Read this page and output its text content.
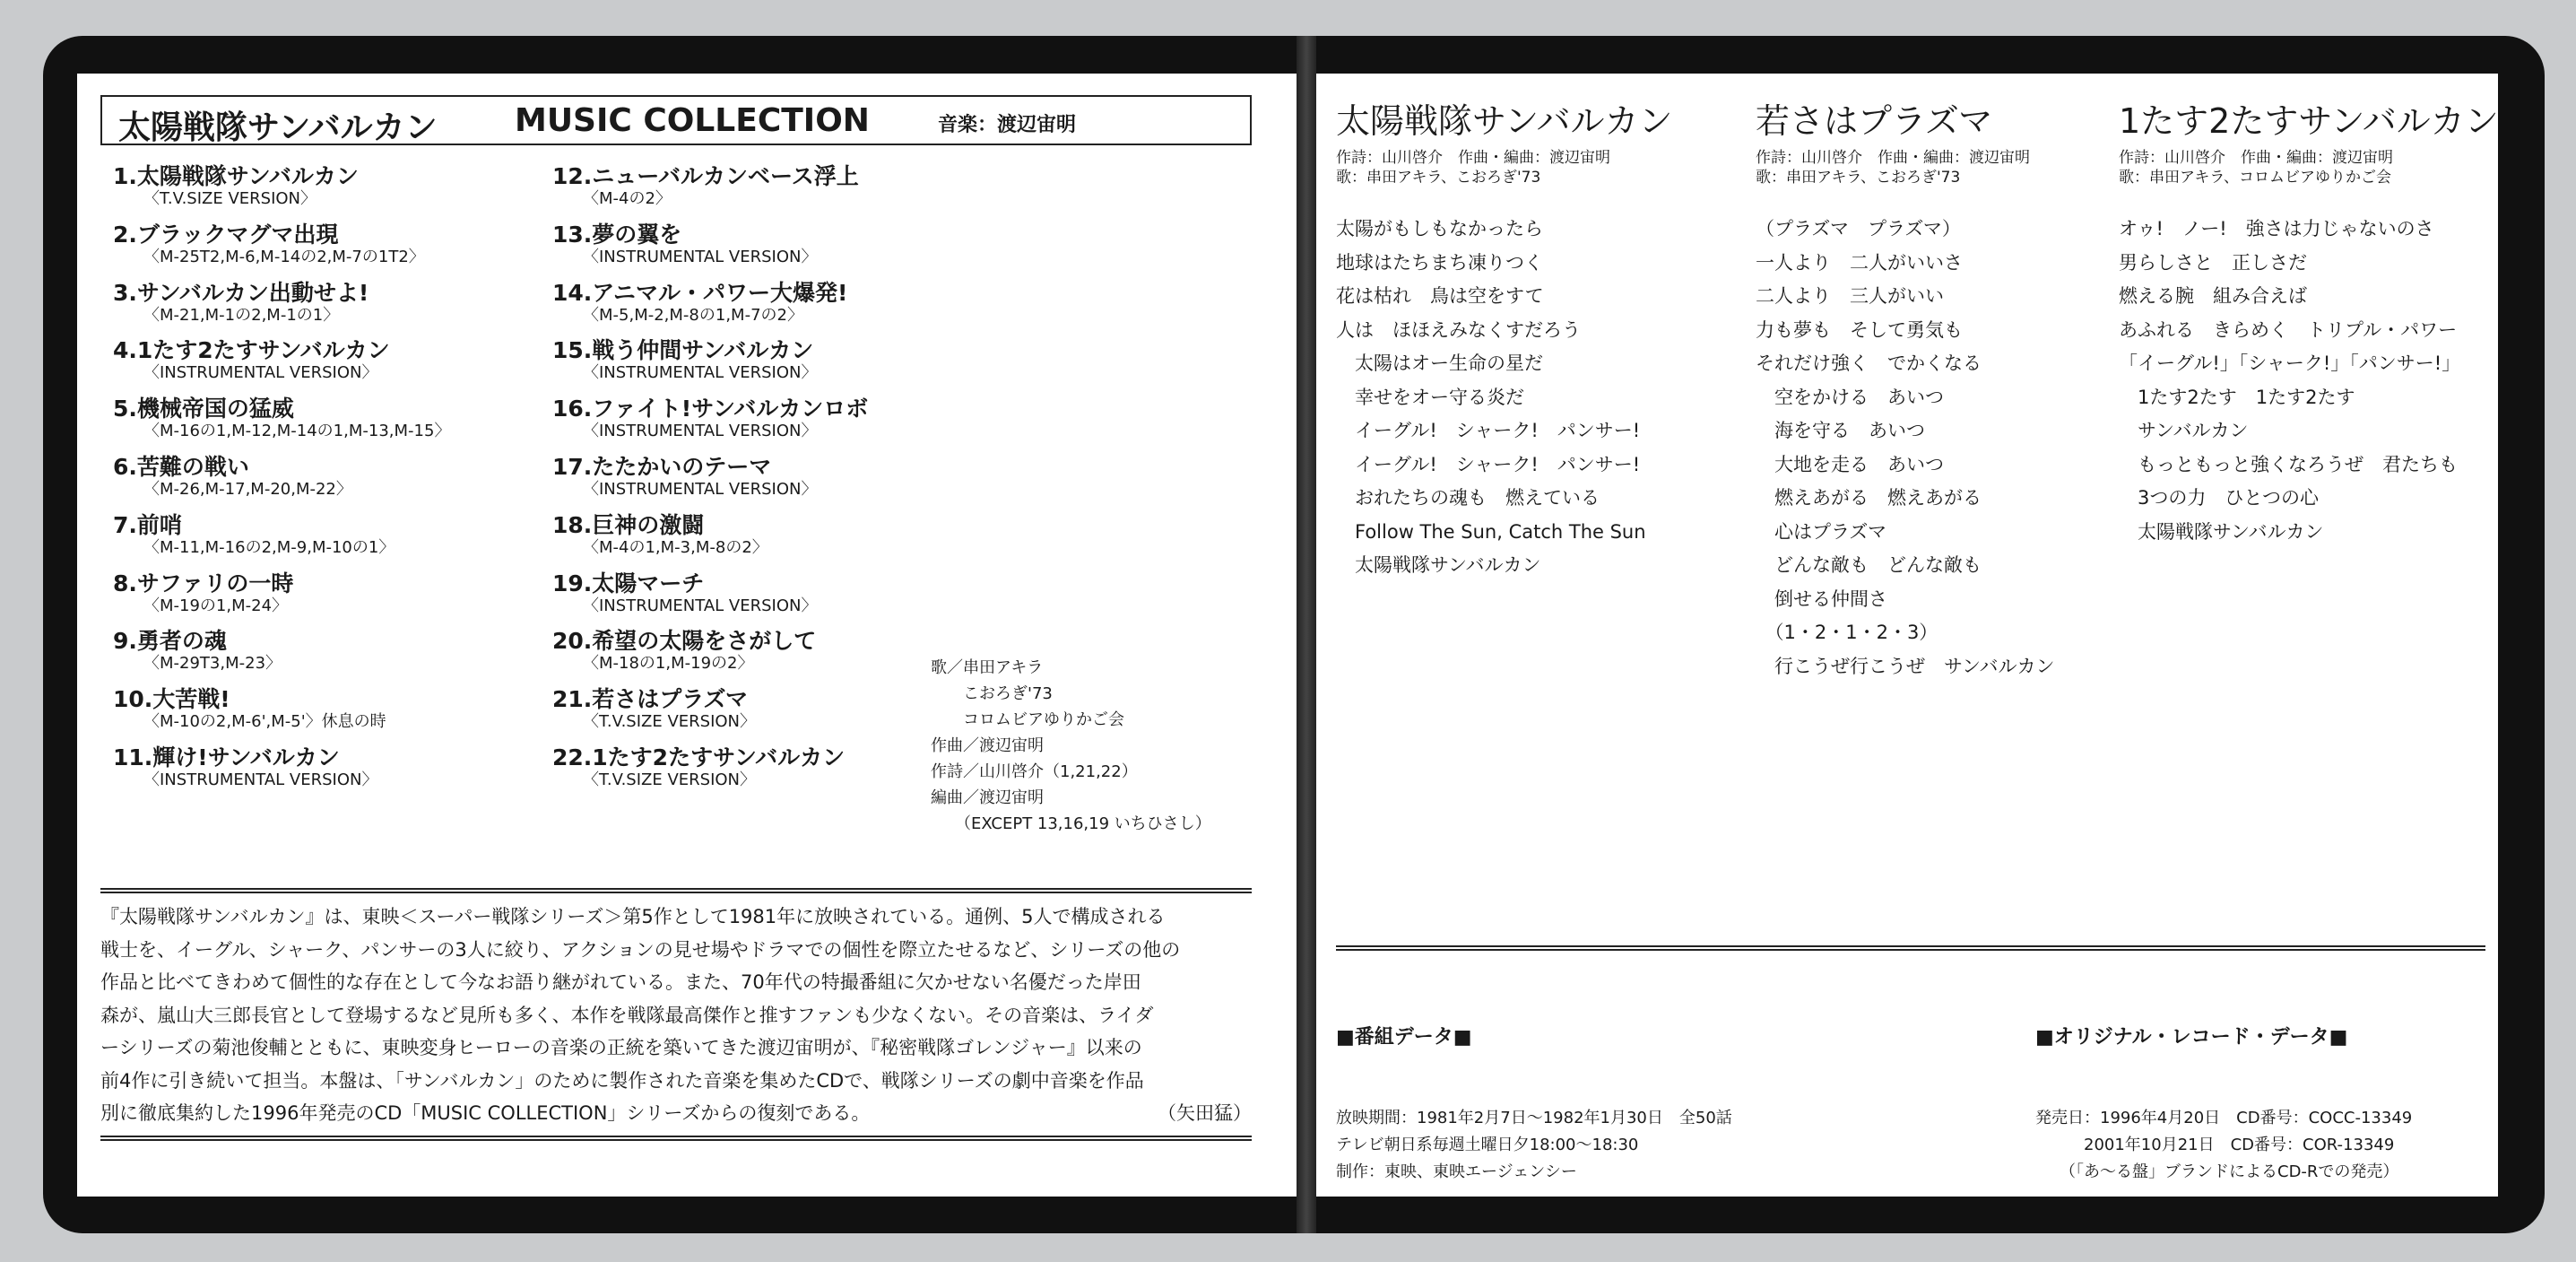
太陽戦隊サンバルカン MUSIC COLLECTION	音楽：渡辺宙明
1.太陽戦隊サンバルカン
〈T.V.SIZE VERSION〉
2.ブラックマグマ出現
〈M-25T2,M-6,M-14の2,M-7の1T2〉
3.サンバルカン出動せよ!
〈M-21,M-1の2,M-1の1〉
4.1たす2たすサンバルカン
〈INSTRUMENTAL VERSION〉
5.機械帝国の猛威
〈M-16の1,M-12,M-14の1,M-13,M-15〉
6.苦難の戦い
〈M-26,M-17,M-20,M-22〉
7.前哨
〈M-11,M-16の2,M-9,M-10の1〉
8.サファリの一時
〈M-19の1,M-24〉
9.勇者の魂
〈M-29T3,M-23〉
10.大苦戦!
〈M-10の2,M-6',M-5'〉休息の時
11.輝け!サンバルカン
〈INSTRUMENTAL VERSION〉
12.ニューバルカンベース浮上
〈M-4の2〉
13.夢の翼を
〈INSTRUMENTAL VERSION〉
14.アニマル・パワー大爆発!
〈M-5,M-2,M-8の1,M-7の2〉
15.戦う仲間サンバルカン
〈INSTRUMENTAL VERSION〉
16.ファイト!サンバルカンロボ
〈INSTRUMENTAL VERSION〉
17.たたかいのテーマ
〈INSTRUMENTAL VERSION〉
18.巨神の激闘
〈M-4の1,M-3,M-8の2〉
19.太陽マーチ
〈INSTRUMENTAL VERSION〉
20.希望の太陽をさがして
〈M-18の1,M-19の2〉
21.若さはプラズマ
〈T.V.SIZE VERSION〉
22.1たす2たすサンバルカン
〈T.V.SIZE VERSION〉
歌／串田アキラ
　　こおろぎ'73
　　コロムビアゆりかご会
作曲／渡辺宙明
作詩／山川啓介（1,21,22）
編曲／渡辺宙明
　　（EXCEPT 13,16,19 いちひさし）

『太陽戦隊サンバルカン』は、東映＜スーパー戦隊シリーズ＞第5作として1981年に放映されている。通例、5人で構成される

戦士を、イーグル、シャーク、パンサーの3人に絞り、アクションの見せ場やドラマでの個性を際立たせるなど、シリーズの他の

作品と比べてきわめて個性的な存在として今なお語り継がれている。また、70年代の特撮番組に欠かせない名優だった岸田

森が、嵐山大三郎長官として登場するなど見所も多く、本作を戦隊最高傑作と推すファンも少なくない。その音楽は、ライダ

ーシリーズの菊池俊輔とともに、東映変身ヒーローの音楽の正統を築いてきた渡辺宙明が、『秘密戦隊ゴレンジャー』以来の

前4作に引き続いて担当。本盤は、「サンバルカン」のために製作された音楽を集めたCDで、戦隊シリーズの劇中音楽を作品

別に徹底集約した1996年発売のCD「MUSIC COLLECTION」シリーズからの復刻である。	（矢田猛）

太陽戦隊サンバルカン
作詩：山川啓介　作曲・編曲：渡辺宙明
歌：串田アキラ、こおろぎ'73
太陽がもしもなかったら
地球はたちまち凍りつく
花は枯れ　鳥は空をすて
人は　ほほえみなくすだろう
　太陽はオー生命の星だ
　幸せをオー守る炎だ
　イーグル!　シャーク!　パンサー!
　イーグル!　シャーク!　パンサー!
　おれたちの魂も　燃えている
　Follow The Sun, Catch The Sun
　太陽戦隊サンバルカン
若さはプラズマ
作詩：山川啓介　作曲・編曲：渡辺宙明
歌：串田アキラ、こおろぎ'73
（プラズマ　プラズマ）
一人より　二人がいいさ
二人より　三人がいい
力も夢も　そして勇気も
それだけ強く　でかくなる
　空をかける　あいつ
　海を守る　あいつ
　大地を走る　あいつ
　燃えあがる　燃えあがる
　心はプラズマ
　どんな敵も　どんな敵も
　倒せる仲間さ
　（1・2・1・2・3）
　行こうぜ行こうぜ　サンバルカン
1たす2たすサンバルカン
作詩：山川啓介　作曲・編曲：渡辺宙明
歌：串田アキラ、コロムビアゆりかご会
オゥ!　ノー!　強さは力じゃないのさ
男らしさと　正しさだ
燃える腕　組み合えば
あふれる　きらめく　トリプル・パワー
「イーグル!」「シャーク!」「パンサー!」
　1たす2たす　1たす2たす
　サンバルカン
　もっともっと強くなろうぜ　君たちも
　3つの力　ひとつの心
　太陽戦隊サンバルカン

■番組データ■

放映期間：1981年2月7日〜1982年1月30日　全50話
テレビ朝日系毎週土曜日夕18:00〜18:30
制作：東映、東映エージェンシー

■オリジナル・レコード・データ■

発売日：1996年4月20日　CD番号：COCC-13349
　　　2001年10月21日　CD番号：COR-13349
　　（「あ〜る盤」ブランドによるCD-Rでの発売）
